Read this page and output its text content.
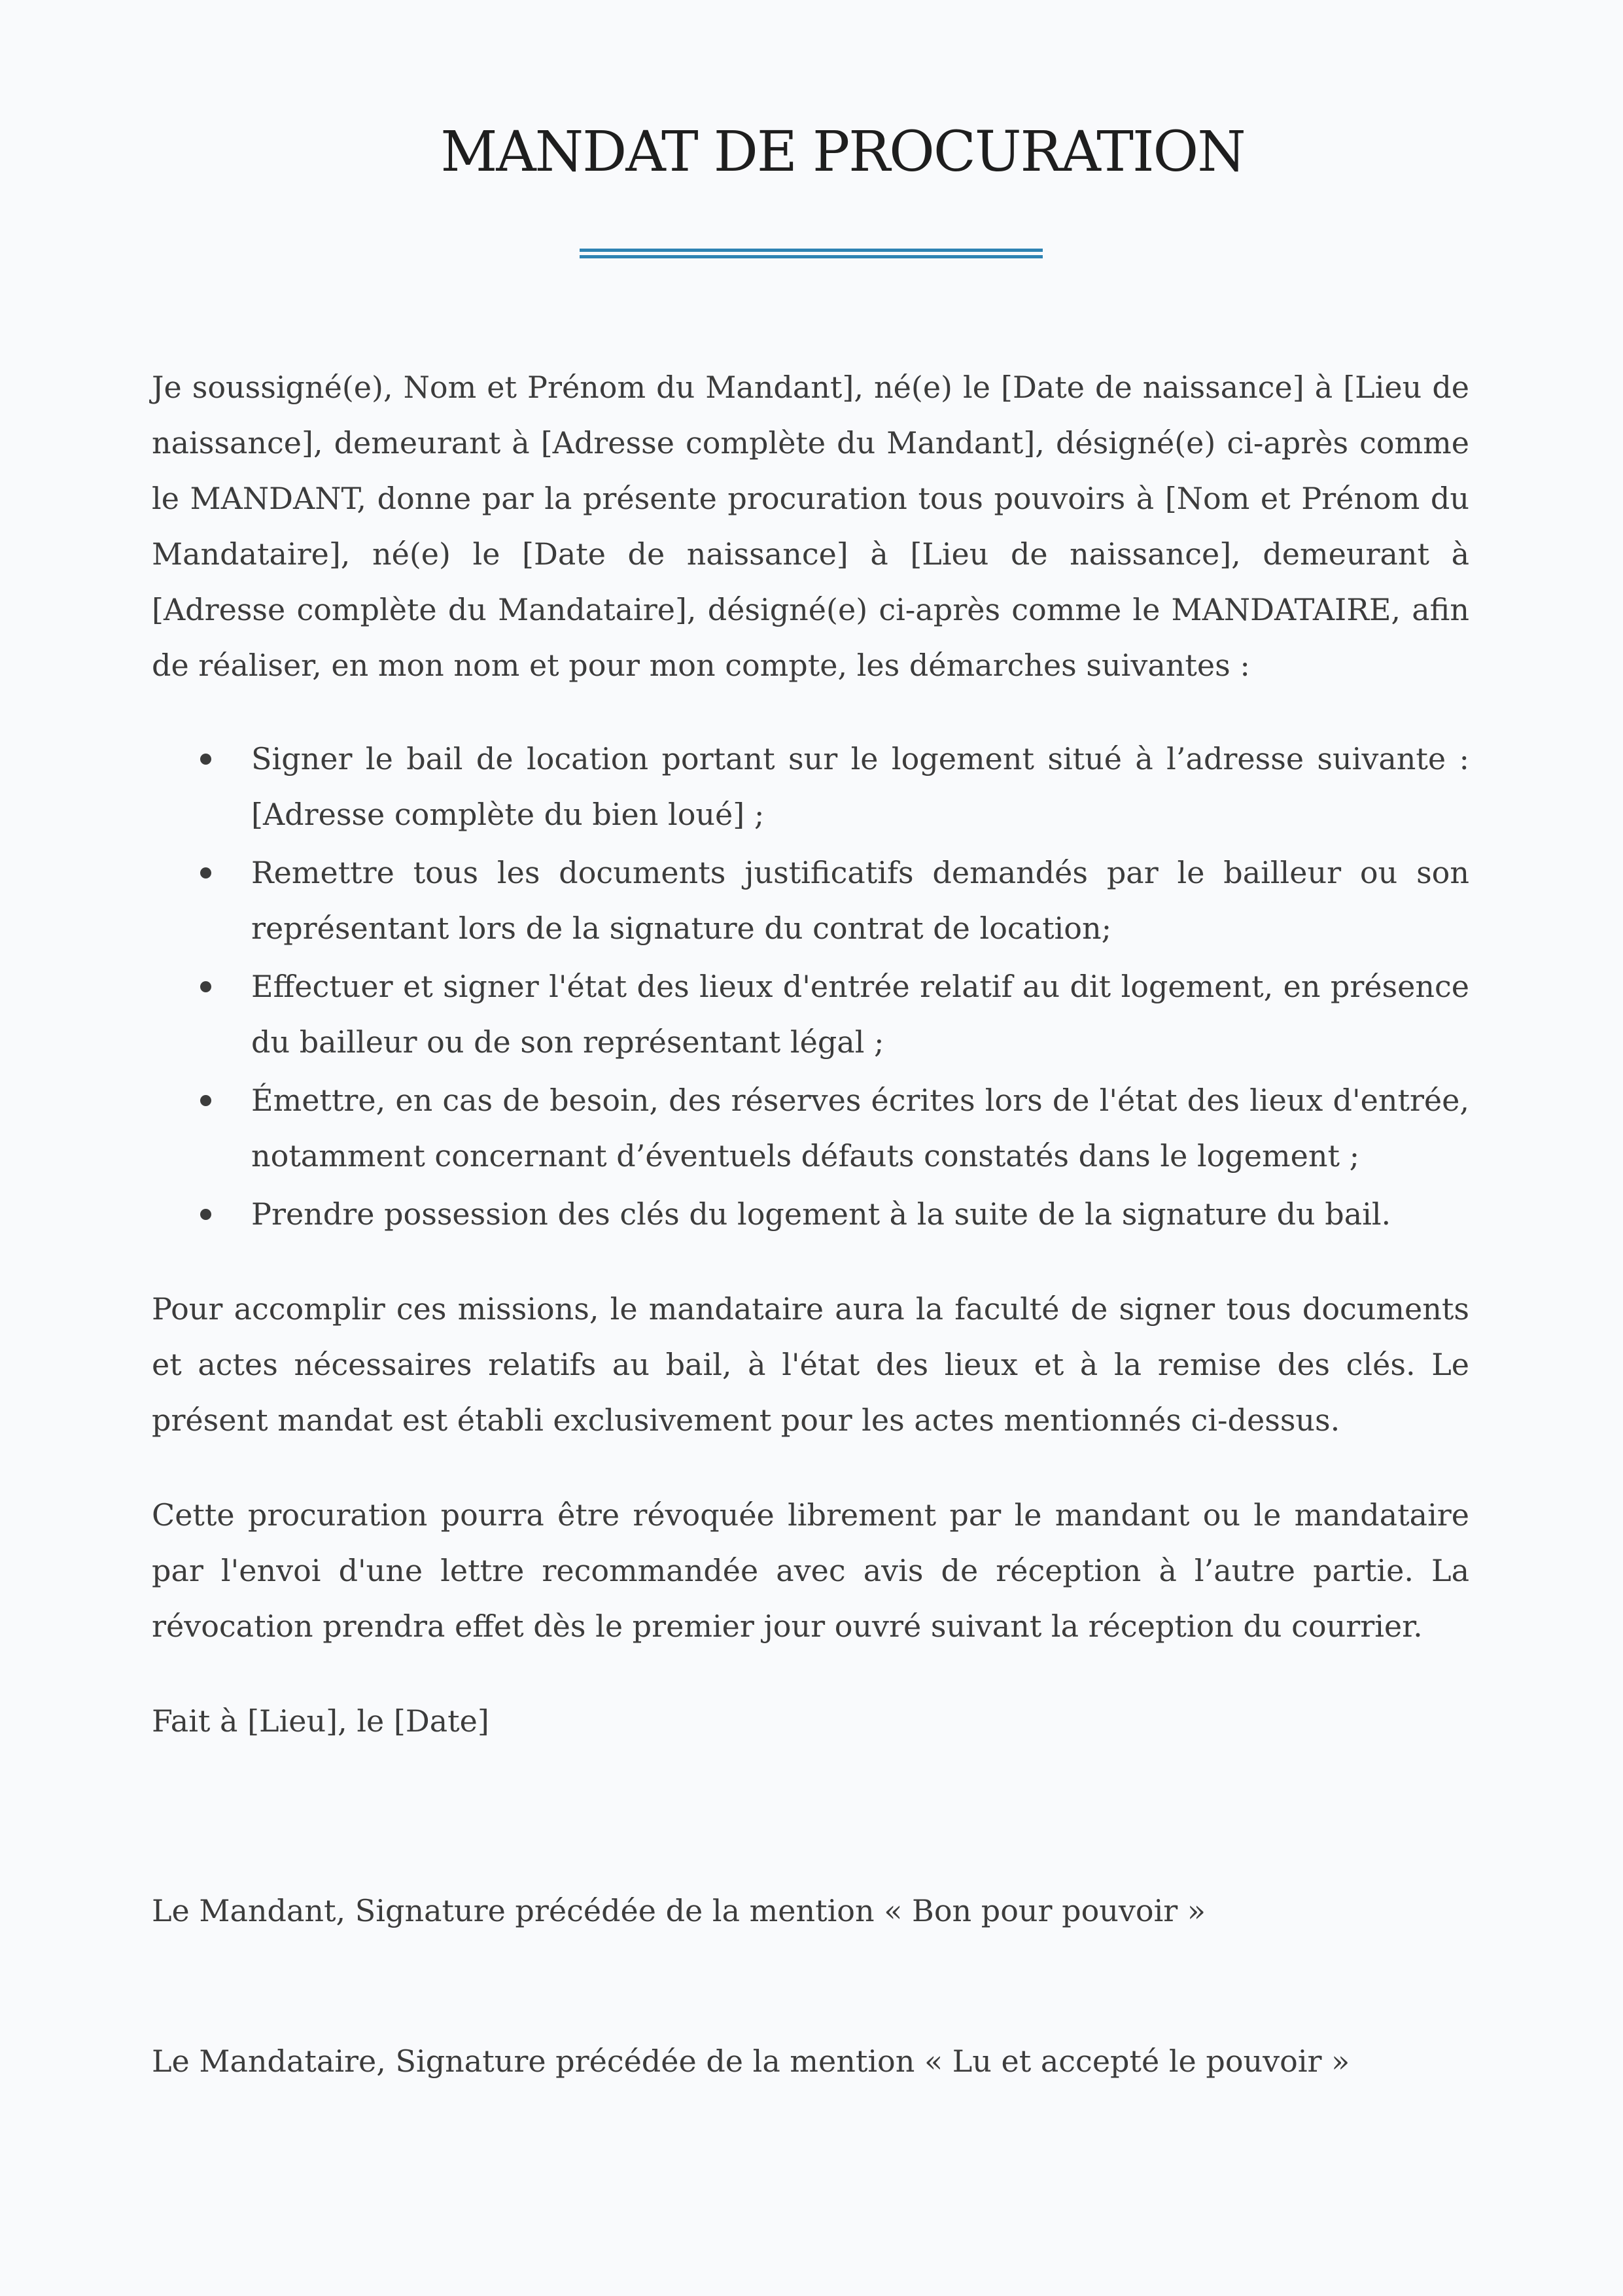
MANDAT DE PROCURATION

Je soussigné(e), Nom et Prénom du Mandant], né(e) le [Date de naissance] à [Lieu de naissance], demeurant à [Adresse complète du Mandant], désigné(e) ci-après comme le MANDANT, donne par la présente procuration tous pouvoirs à [Nom et Prénom du Mandataire], né(e) le [Date de naissance] à [Lieu de naissance], demeurant à [Adresse complète du Mandataire], désigné(e) ci-après comme le MANDATAIRE, afin de réaliser, en mon nom et pour mon compte, les démarches suivantes :

Signer le bail de location portant sur le logement situé à l’adresse suivante : [Adresse complète du bien loué] ;
Remettre tous les documents justificatifs demandés par le bailleur ou son représentant lors de la signature du contrat de location;
Effectuer et signer l'état des lieux d'entrée relatif au dit logement, en présence du bailleur ou de son représentant légal ;
Émettre, en cas de besoin, des réserves écrites lors de l'état des lieux d'entrée, notamment concernant d’éventuels défauts constatés dans le logement ;
Prendre possession des clés du logement à la suite de la signature du bail.

Pour accomplir ces missions, le mandataire aura la faculté de signer tous documents et actes nécessaires relatifs au bail, à l'état des lieux et à la remise des clés. Le présent mandat est établi exclusivement pour les actes mentionnés ci-dessus.

Cette procuration pourra être révoquée librement par le mandant ou le mandataire par l'envoi d'une lettre recommandée avec avis de réception à l’autre partie. La révocation prendra effet dès le premier jour ouvré suivant la réception du courrier.

Fait à [Lieu], le [Date]

Le Mandant, Signature précédée de la mention « Bon pour pouvoir »

Le Mandataire, Signature précédée de la mention « Lu et accepté le pouvoir »
